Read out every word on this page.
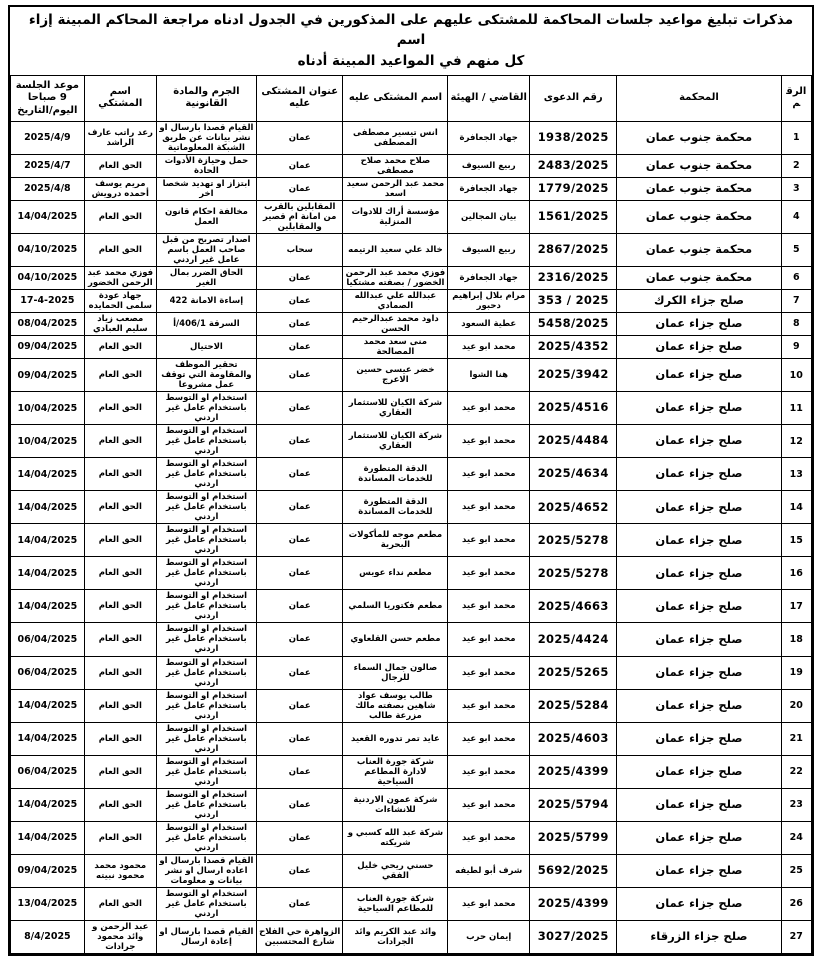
مذكرات تبليغ مواعيد جلسات المحاكمة للمشتكى عليهم على المذكورين في الجدول ادناه مراجعة المحاكم المبينة إزاء اسم
كل منهم في المواعيد المبينة أدناه
الرقم	المحكمة	رقم الدعوى	القاضي / الهيئة	اسم المشتكى عليه	عنوان المشتكى عليه	الجرم والمادة القانونية	اسم المشتكي	موعد الجلسة 9 صباحا اليوم/التاريخ
1	محكمة جنوب عمان	1938/2025	جهاد الجعافرة	انس تيسير مصطفى المصطفى	عمان	القيام قصدا بارسال او نشر بيانات عن طريق الشبكة المعلوماتية	رعد راتب عارف الراشد	2025/4/9
2	محكمة جنوب عمان	2483/2025	ربيع السيوف	صلاح محمد صلاح مصطفى	عمان	حمل وحيازة الأدوات الحادة	الحق العام	2025/4/7
3	محكمة جنوب عمان	1779/2025	جهاد الجعافرة	محمد عبد الرحمن سعيد اسعد	عمان	ابتزاز او تهديد شخصا اخر	مريم يوسف أحمده درويش	2025/4/8
4	محكمة جنوب عمان	1561/2025	بيان المجالين	مؤسسة أراك للادوات المنزلية	المقابلين بالقرب من امانة ام قصير والمقابلين	مخالفة احكام قانون العمل	الحق العام	14/04/2025
5	محكمة جنوب عمان	2867/2025	ربيع السيوف	خالد علي سعيد الرتيمه	سحاب	اصدار تصريح من قبل صاحب العمل باسم عامل غير اردني	الحق العام	04/10/2025
6	محكمة جنوب عمان	2316/2025	جهاد الجعافرة	فوزي محمد عبد الرحمن الخضور / بصفته مشتكيا	عمان	الحاق الضرر بمال الغير	فوزي محمد عبد الرحمن الخضور	04/10/2025
7	صلح جزاء الكرك	353 / 2025	مرام بلال إبراهيم دحبور	عبدالله علي عبدالله الصمادي	عمان	إساءة الامانة 422	جهاد عودة سلمى الحمايده	17-4-2025
8	صلح جزاء عمان	5458/2025	عطية السعود	داود محمد عبدالرحيم الحسن	عمان	السرقة 406/1/أ	مصعب زياد سليم العبادي	08/04/2025
9	صلح جزاء عمان	2025/4352	محمد ابو عيد	منى سعد محمد المصالحة	عمان	الاحتيال	الحق العام	09/04/2025
10	صلح جزاء عمان	2025/3942	هنا الشوا	خضر عيسى حسين الاعرج	عمان	تحقير الموظف والمقاومة التي توقف عمل مشروعا	الحق العام	09/04/2025
11	صلح جزاء عمان	2025/4516	محمد ابو عيد	شركة الكيان للاستثمار العقاري	عمان	استخدام او التوسط باستخدام عامل غير اردني	الحق العام	10/04/2025
12	صلح جزاء عمان	2025/4484	محمد ابو عيد	شركة الكيان للاستثمار العقاري	عمان	استخدام او التوسط باستخدام عامل غير اردني	الحق العام	10/04/2025
13	صلح جزاء عمان	2025/4634	محمد ابو عيد	الدقة المتطورة للخدمات المساندة	عمان	استخدام او التوسط باستخدام عامل غير اردني	الحق العام	14/04/2025
14	صلح جزاء عمان	2025/4652	محمد ابو عيد	الدقة المتطورة للخدمات المساندة	عمان	استخدام او التوسط باستخدام عامل غير اردني	الحق العام	14/04/2025
15	صلح جزاء عمان	2025/5278	محمد ابو عيد	مطعم موجه للمأكولات البحرية	عمان	استخدام او التوسط باستخدام عامل غير اردني	الحق العام	14/04/2025
16	صلح جزاء عمان	2025/5278	محمد ابو عيد	مطعم نداء عويس	عمان	استخدام او التوسط باستخدام عامل غير اردني	الحق العام	14/04/2025
17	صلح جزاء عمان	2025/4663	محمد ابو عيد	مطعم فكتوريا السلمي	عمان	استخدام او التوسط باستخدام عامل غير اردني	الحق العام	14/04/2025
18	صلح جزاء عمان	2025/4424	محمد ابو عيد	مطعم حسن القلعاوي	عمان	استخدام او التوسط باستخدام عامل غير اردني	الحق العام	06/04/2025
19	صلح جزاء عمان	2025/5265	محمد ابو عيد	صالون جمال السماء للرجال	عمان	استخدام او التوسط باستخدام عامل غير اردني	الحق العام	06/04/2025
20	صلح جزاء عمان	2025/5284	محمد ابو عيد	طالب يوسف عواد شاهين بصفته مالك مزرعة طالب	عمان	استخدام او التوسط باستخدام عامل غير اردني	الحق العام	14/04/2025
21	صلح جزاء عمان	2025/4603	محمد ابو عيد	عايد تمر تدوره القعيد	عمان	استخدام او التوسط باستخدام عامل غير اردني	الحق العام	14/04/2025
22	صلح جزاء عمان	2025/4399	محمد ابو عيد	شركة جورة العناب لادارة المطاعم السياحية	عمان	استخدام او التوسط باستخدام عامل غير اردني	الحق العام	06/04/2025
23	صلح جزاء عمان	2025/5794	محمد ابو عيد	شركة عمون الاردنية للانشاءات	عمان	استخدام او التوسط باستخدام عامل غير اردني	الحق العام	14/04/2025
24	صلح جزاء عمان	2025/5799	محمد ابو عيد	شركة عبد الله كسبي و شريكته	عمان	استخدام او التوسط باستخدام عامل غير اردني	الحق العام	14/04/2025
25	صلح جزاء عمان	5692/2025	شرف أبو لطيفه	حسني ريحي خليل الفقي	عمان	القيام قصدا بارسال او اعاده ارسال او نشر بيانات و معلومات	محمود محمد محمود نبيته	09/04/2025
26	صلح جزاء عمان	2025/4399	محمد ابو عيد	شركة جورة العناب للمطاعم السياحية	عمان	استخدام او التوسط باستخدام عامل غير اردني	الحق العام	13/04/2025
27	صلح جزاء الزرقاء	3027/2025	إيمان حرب	وائد عبد الكريم وائد الجرادات	الزواهرة حي الفلاح شارع المحتسبين	القيام قصدا بارسال او إعادة ارسال	عبد الرحمن و وائد محمود جرادات	8/4/2025
